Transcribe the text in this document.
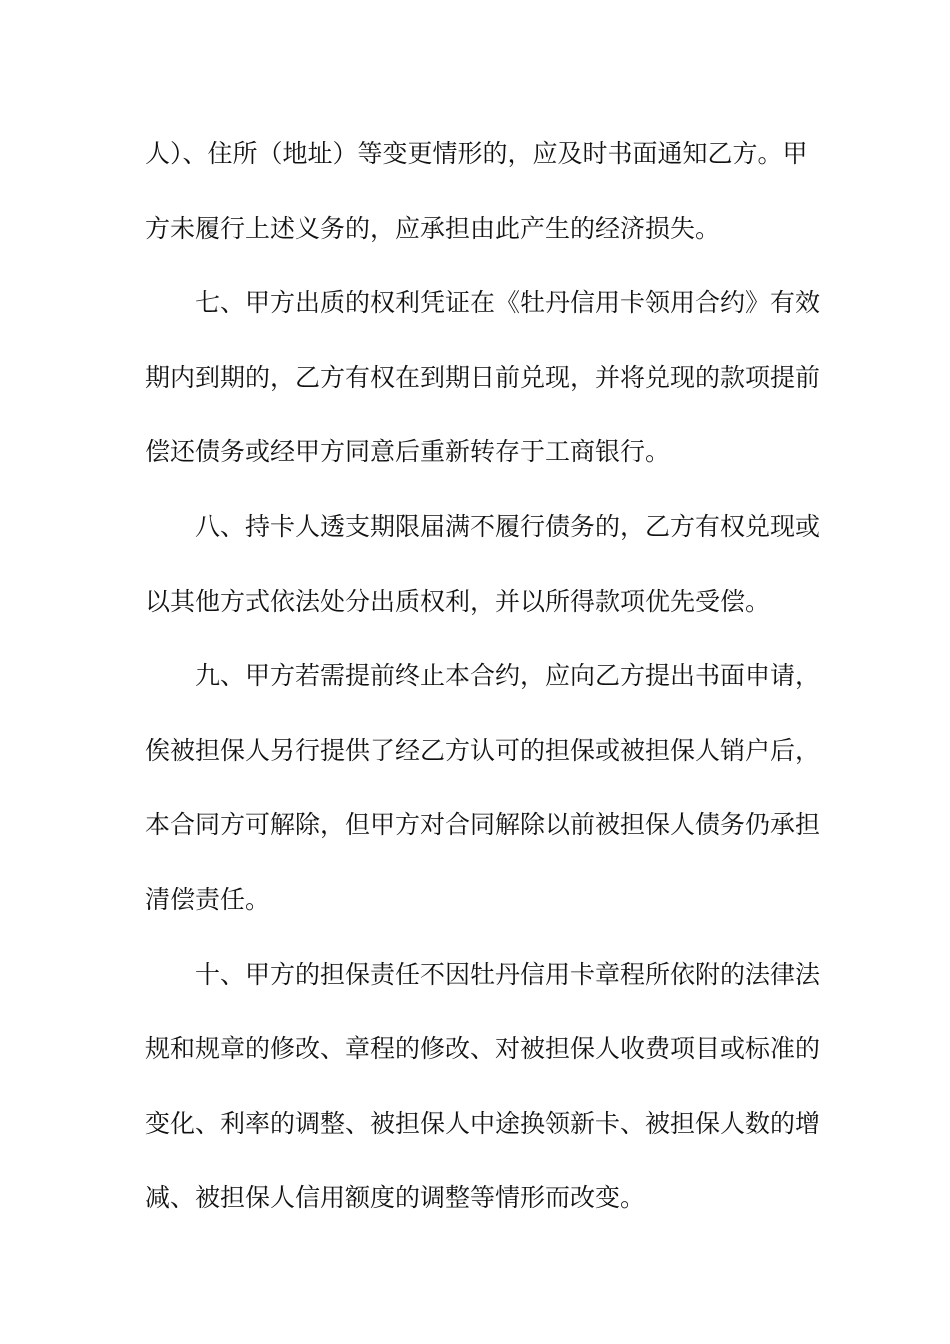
人）、住所（地址）等变更情形的，应及时书面通知乙方。甲
方未履行上述义务的，应承担由此产生的经济损失。
七、甲方出质的权利凭证在《牡丹信用卡领用合约》有效
期内到期的，乙方有权在到期日前兑现，并将兑现的款项提前
偿还债务或经甲方同意后重新转存于工商银行。
八、持卡人透支期限届满不履行债务的，乙方有权兑现或
以其他方式依法处分出质权利，并以所得款项优先受偿。
九、甲方若需提前终止本合约，应向乙方提出书面申请，
俟被担保人另行提供了经乙方认可的担保或被担保人销户后，
本合同方可解除，但甲方对合同解除以前被担保人债务仍承担
清偿责任。
十、甲方的担保责任不因牡丹信用卡章程所依附的法律法
规和规章的修改、章程的修改、对被担保人收费项目或标准的
变化、利率的调整、被担保人中途换领新卡、被担保人数的增
减、被担保人信用额度的调整等情形而改变。
